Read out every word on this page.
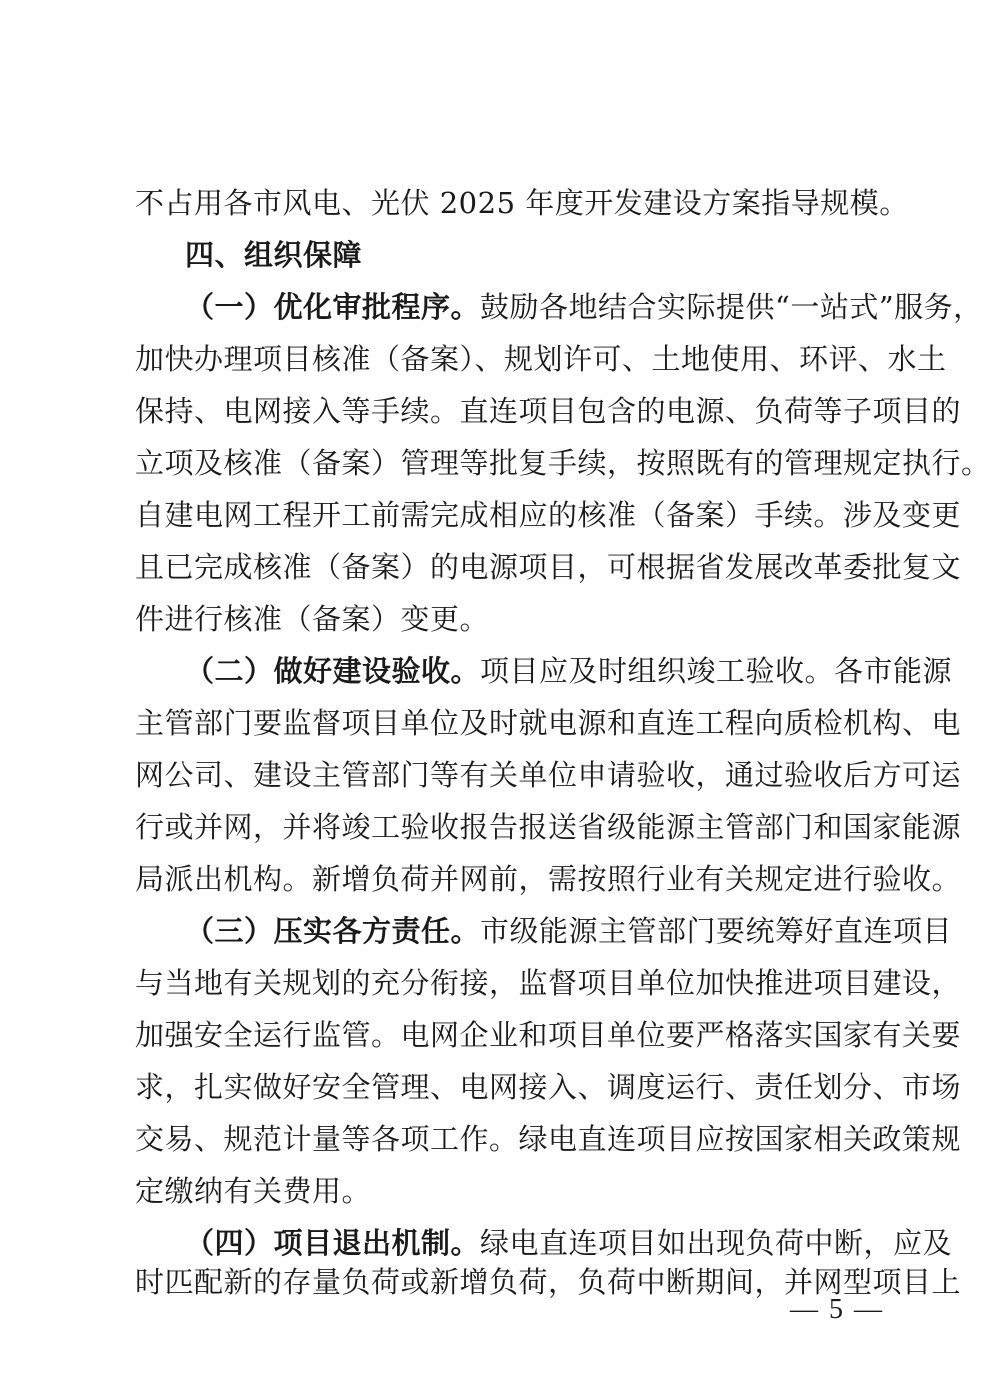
不占用各市风电、光伏 2025 年度开发建设方案指导规模。
四、组织保障
（一）优化审批程序。鼓励各地结合实际提供“一站式”服务，
加快办理项目核准（备案）、规划许可、土地使用、环评、水土
保持、电网接入等手续。直连项目包含的电源、负荷等子项目的
立项及核准（备案）管理等批复手续，按照既有的管理规定执行。
自建电网工程开工前需完成相应的核准（备案）手续。涉及变更
且已完成核准（备案）的电源项目，可根据省发展改革委批复文
件进行核准（备案）变更。
（二）做好建设验收。项目应及时组织竣工验收。各市能源
主管部门要监督项目单位及时就电源和直连工程向质检机构、电
网公司、建设主管部门等有关单位申请验收，通过验收后方可运
行或并网，并将竣工验收报告报送省级能源主管部门和国家能源
局派出机构。新增负荷并网前，需按照行业有关规定进行验收。
（三）压实各方责任。市级能源主管部门要统筹好直连项目
与当地有关规划的充分衔接，监督项目单位加快推进项目建设，
加强安全运行监管。电网企业和项目单位要严格落实国家有关要
求，扎实做好安全管理、电网接入、调度运行、责任划分、市场
交易、规范计量等各项工作。绿电直连项目应按国家相关政策规
定缴纳有关费用。
（四）项目退出机制。绿电直连项目如出现负荷中断，应及
时匹配新的存量负荷或新增负荷，负荷中断期间，并网型项目上
— 5 —
